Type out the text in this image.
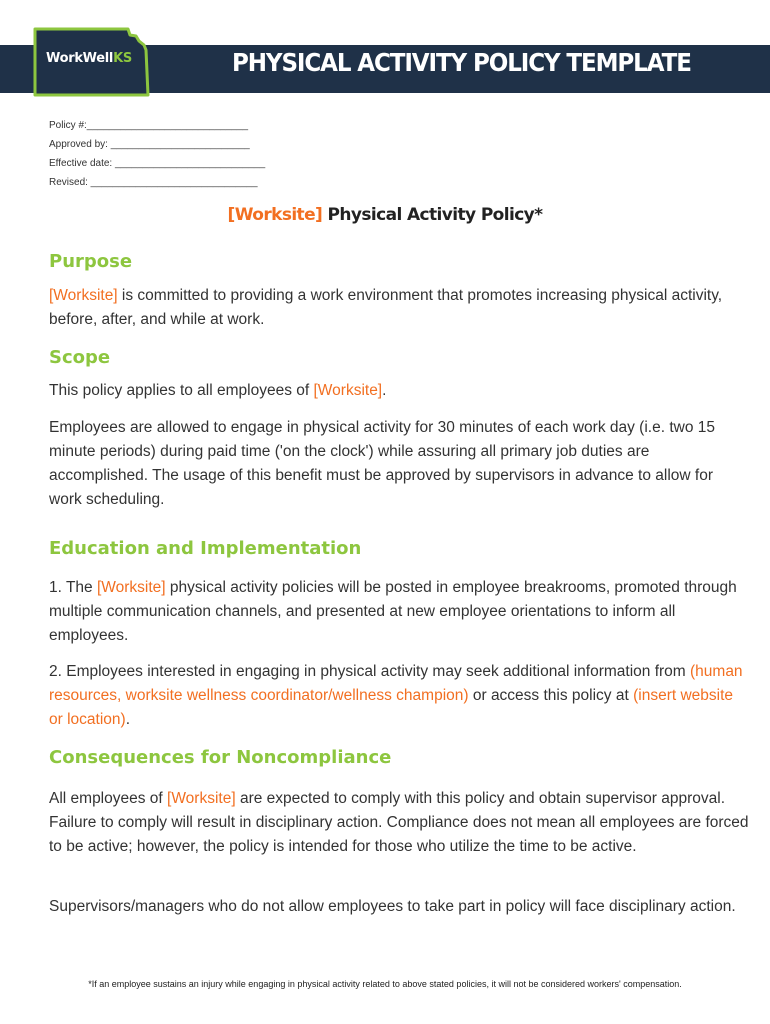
WorkWellKS	PHYSICAL ACTIVITY POLICY TEMPLATE
Policy #:_____________________________
Approved by: _________________________
Effective date: ___________________________
Revised: ______________________________
[Worksite] Physical Activity Policy*
Purpose
[Worksite] is committed to providing a work environment that promotes increasing physical activity, before, after, and while at work.
Scope
This policy applies to all employees of [Worksite].
Employees are allowed to engage in physical activity for 30 minutes of each work day (i.e. two 15 minute periods) during paid time ('on the clock') while assuring all primary job duties are accomplished. The usage of this benefit must be approved by supervisors in advance to allow for work scheduling.
Education and Implementation
1. The [Worksite] physical activity policies will be posted in employee breakrooms, promoted through multiple communication channels, and presented at new employee orientations to inform all employees.
2. Employees interested in engaging in physical activity may seek additional information from (human resources, worksite wellness coordinator/wellness champion) or access this policy at (insert website or location).
Consequences for Noncompliance
All employees of [Worksite] are expected to comply with this policy and obtain supervisor approval. Failure to comply will result in disciplinary action. Compliance does not mean all employees are forced to be active; however, the policy is intended for those who utilize the time to be active.
Supervisors/managers who do not allow employees to take part in policy will face disciplinary action.
*If an employee sustains an injury while engaging in physical activity related to above stated policies, it will not be considered workers' compensation.
